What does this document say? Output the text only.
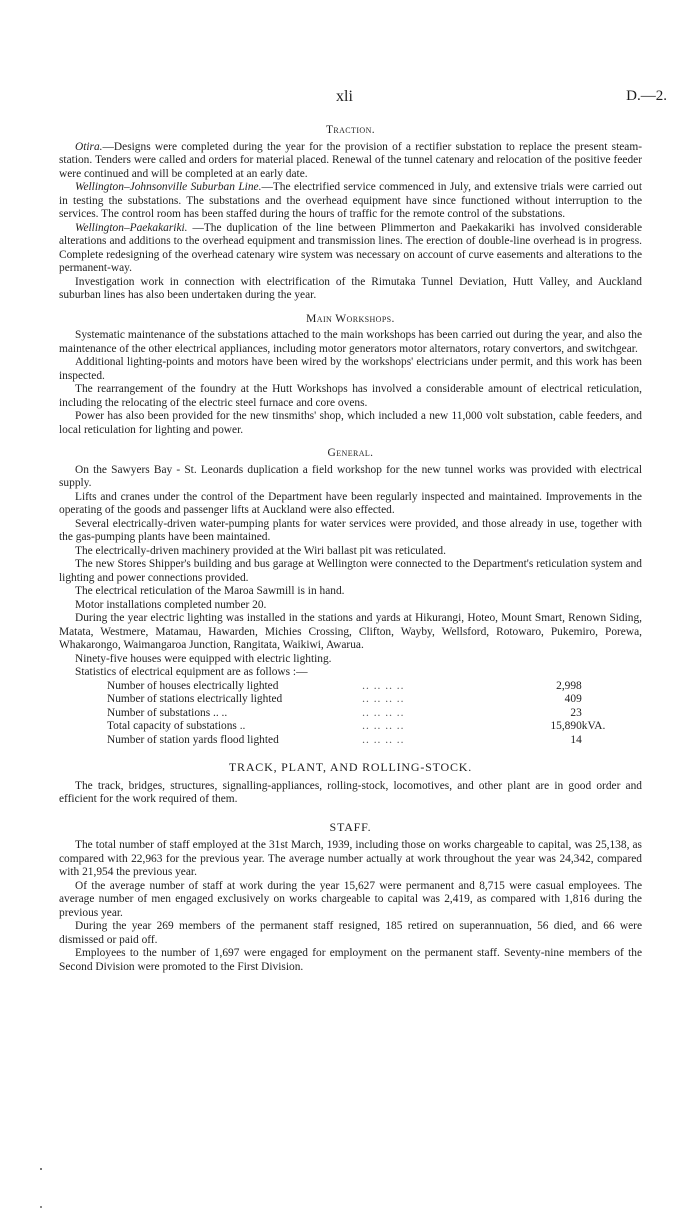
xli	D.—2.
Traction.

Otira.—Designs were completed during the year for the provision of a rectifier substation to replace the present steam-station. Tenders were called and orders for material placed. Renewal of the tunnel catenary and relocation of the positive feeder were continued and will be completed at an early date.

Wellington–Johnsonville Suburban Line.—The electrified service commenced in July, and extensive trials were carried out in testing the substations. The substations and the overhead equipment have since functioned without interruption to the services. The control room has been staffed during the hours of traffic for the remote control of the substations.

Wellington–Paekakariki. —The duplication of the line between Plimmerton and Paekakariki has involved considerable alterations and additions to the overhead equipment and transmission lines. The erection of double-line overhead is in progress. Complete redesigning of the overhead catenary wire system was necessary on account of curve easements and alterations to the permanent-way.

Investigation work in connection with electrification of the Rimutaka Tunnel Deviation, Hutt Valley, and Auckland suburban lines has also been undertaken during the year.

Main Workshops.

Systematic maintenance of the substations attached to the main workshops has been carried out during the year, and also the maintenance of the other electrical appliances, including motor generators motor alternators, rotary convertors, and switchgear.

Additional lighting-points and motors have been wired by the workshops' electricians under permit, and this work has been inspected.

The rearrangement of the foundry at the Hutt Workshops has involved a considerable amount of electrical reticulation, including the relocating of the electric steel furnace and core ovens.

Power has also been provided for the new tinsmiths' shop, which included a new 11,000 volt substation, cable feeders, and local reticulation for lighting and power.

General.

On the Sawyers Bay - St. Leonards duplication a field workshop for the new tunnel works was provided with electrical supply.

Lifts and cranes under the control of the Department have been regularly inspected and maintained. Improvements in the operating of the goods and passenger lifts at Auckland were also effected.

Several electrically-driven water-pumping plants for water services were provided, and those already in use, together with the gas-pumping plants have been maintained.

The electrically-driven machinery provided at the Wiri ballast pit was reticulated.

The new Stores Shipper's building and bus garage at Wellington were connected to the Department's reticulation system and lighting and power connections provided.

The electrical reticulation of the Maroa Sawmill is in hand.

Motor installations completed number 20.

During the year electric lighting was installed in the stations and yards at Hikurangi, Hoteo, Mount Smart, Renown Siding, Matata, Westmere, Matamau, Hawarden, Michies Crossing, Clifton, Wayby, Wellsford, Rotowaro, Pukemiro, Porewa, Whakarongo, Waimangaroa Junction, Rangitata, Waikiwi, Awarua.

Ninety-five houses were equipped with electric lighting.

Statistics of electrical equipment are as follows :—

Number of houses electrically lighted	.. .. .. ..	2,998
Number of stations electrically lighted	.. .. .. ..	409
Number of substations .. ..	.. .. .. ..	23
Total capacity of substations ..	.. .. .. ..	15,890kVA.
Number of station yards flood lighted	.. .. .. ..	14
TRACK, PLANT, AND ROLLING-STOCK.

The track, bridges, structures, signalling-appliances, rolling-stock, locomotives, and other plant are in good order and efficient for the work required of them.

STAFF.

The total number of staff employed at the 31st March, 1939, including those on works chargeable to capital, was 25,138, as compared with 22,963 for the previous year. The average number actually at work throughout the year was 24,342, compared with 21,954 the previous year.

Of the average number of staff at work during the year 15,627 were permanent and 8,715 were casual employees. The average number of men engaged exclusively on works chargeable to capital was 2,419, as compared with 1,816 during the previous year.

During the year 269 members of the permanent staff resigned, 185 retired on superannuation, 56 died, and 66 were dismissed or paid off.

Employees to the number of 1,697 were engaged for employment on the permanent staff. Seventy-nine members of the Second Division were promoted to the First Division.
